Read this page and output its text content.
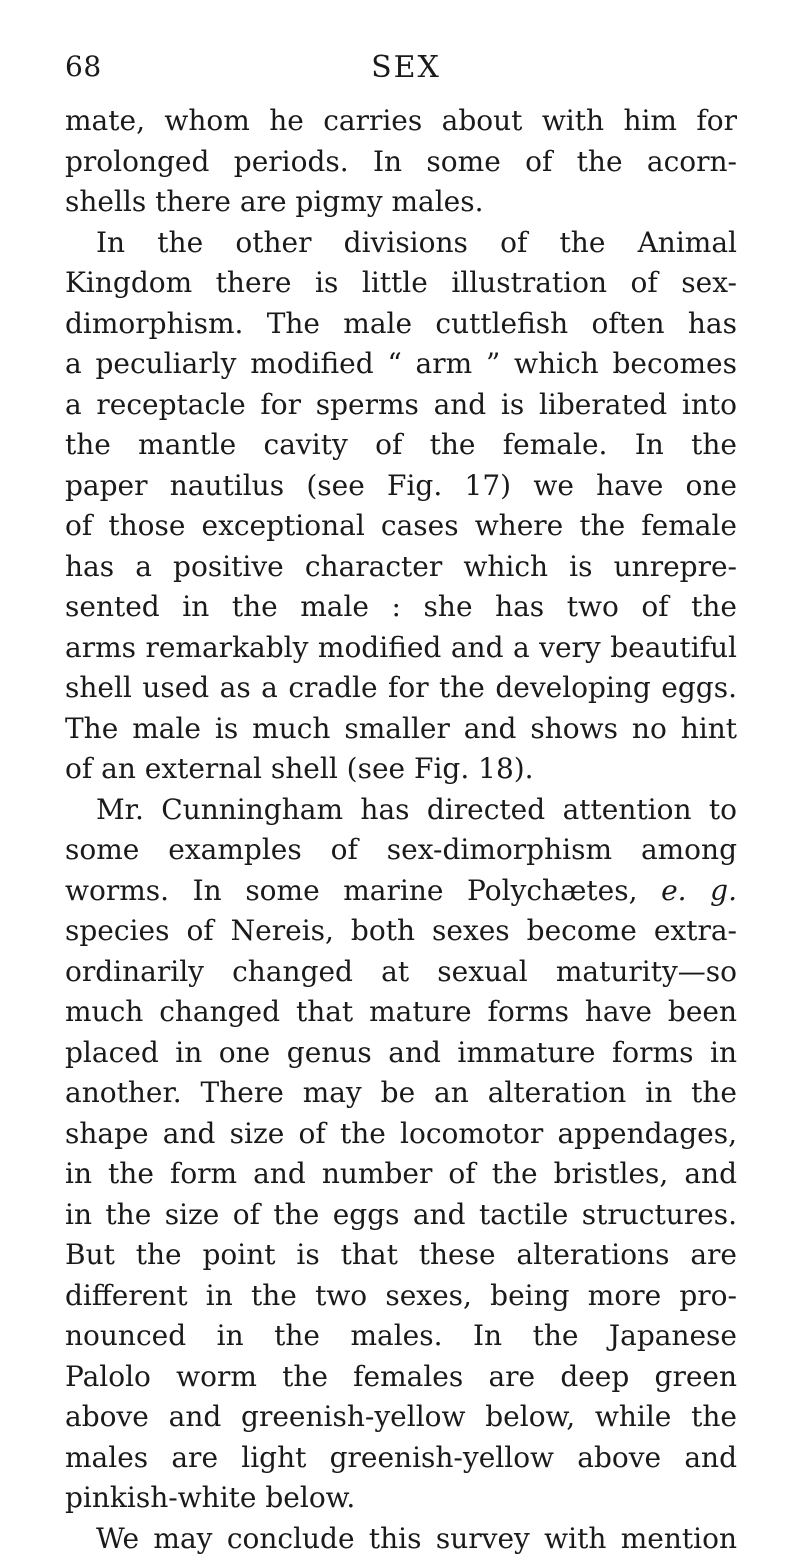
68	SEX
mate, whom he carries about with him for
prolonged periods. In some of the acorn-
shells there are pigmy males.
In the other divisions of the Animal
Kingdom there is little illustration of sex-
dimorphism. The male cuttlefish often has
a peculiarly modified “ arm ” which becomes
a receptacle for sperms and is liberated into
the mantle cavity of the female. In the
paper nautilus (see Fig. 17) we have one
of those exceptional cases where the female
has a positive character which is unrepre-
sented in the male : she has two of the
arms remarkably modified and a very beautiful
shell used as a cradle for the developing eggs.
The male is much smaller and shows no hint
of an external shell (see Fig. 18).
Mr. Cunningham has directed attention to
some examples of sex-dimorphism among
worms. In some marine Polychætes, e. g.
species of Nereis, both sexes become extra-
ordinarily changed at sexual maturity—so
much changed that mature forms have been
placed in one genus and immature forms in
another. There may be an alteration in the
shape and size of the locomotor appendages,
in the form and number of the bristles, and
in the size of the eggs and tactile structures.
But the point is that these alterations are
different in the two sexes, being more pro-
nounced in the males. In the Japanese
Palolo worm the females are deep green
above and greenish-yellow below, while the
males are light greenish-yellow above and
pinkish-white below.
We may conclude this survey with mention
